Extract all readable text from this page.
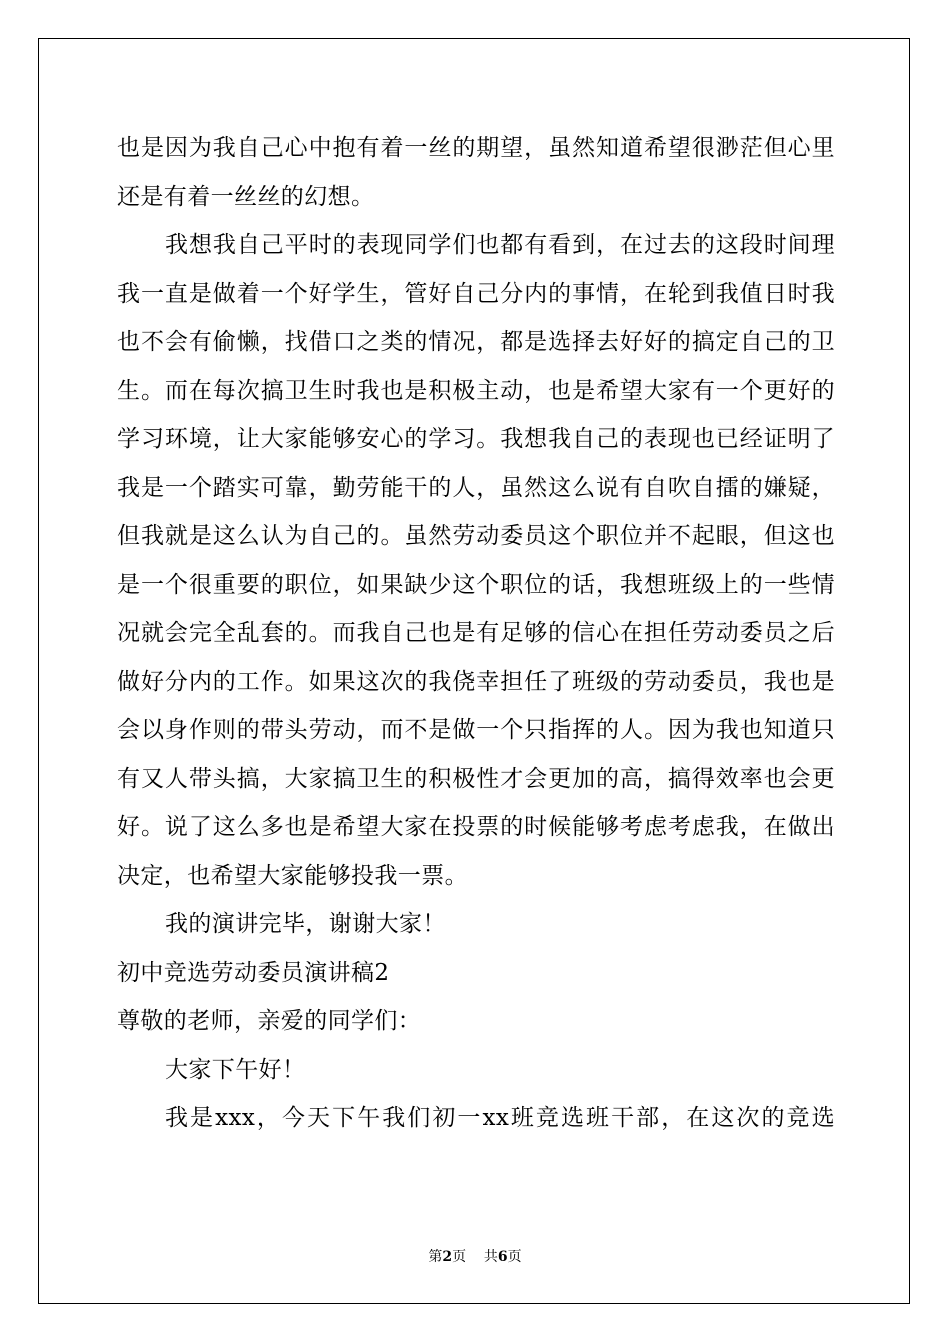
也是因为我自己心中抱有着一丝的期望，虽然知道希望很渺茫但心里
还是有着一丝丝的幻想。
我想我自己平时的表现同学们也都有看到，在过去的这段时间理
我一直是做着一个好学生，管好自己分内的事情，在轮到我值日时我
也不会有偷懒，找借口之类的情况，都是选择去好好的搞定自己的卫
生。而在每次搞卫生时我也是积极主动，也是希望大家有一个更好的
学习环境，让大家能够安心的学习。我想我自己的表现也已经证明了
我是一个踏实可靠，勤劳能干的人，虽然这么说有自吹自擂的嫌疑，
但我就是这么认为自己的。虽然劳动委员这个职位并不起眼，但这也
是一个很重要的职位，如果缺少这个职位的话，我想班级上的一些情
况就会完全乱套的。而我自己也是有足够的信心在担任劳动委员之后
做好分内的工作。如果这次的我侥幸担任了班级的劳动委员，我也是
会以身作则的带头劳动，而不是做一个只指挥的人。因为我也知道只
有又人带头搞，大家搞卫生的积极性才会更加的高，搞得效率也会更
好。说了这么多也是希望大家在投票的时候能够考虑考虑我，在做出
决定，也希望大家能够投我一票。
我的演讲完毕，谢谢大家！
初中竞选劳动委员演讲稿2
尊敬的老师，亲爱的同学们：
大家下午好！
我是xxx，今天下午我们初一xx班竞选班干部，在这次的竞选
第2页    共6页
